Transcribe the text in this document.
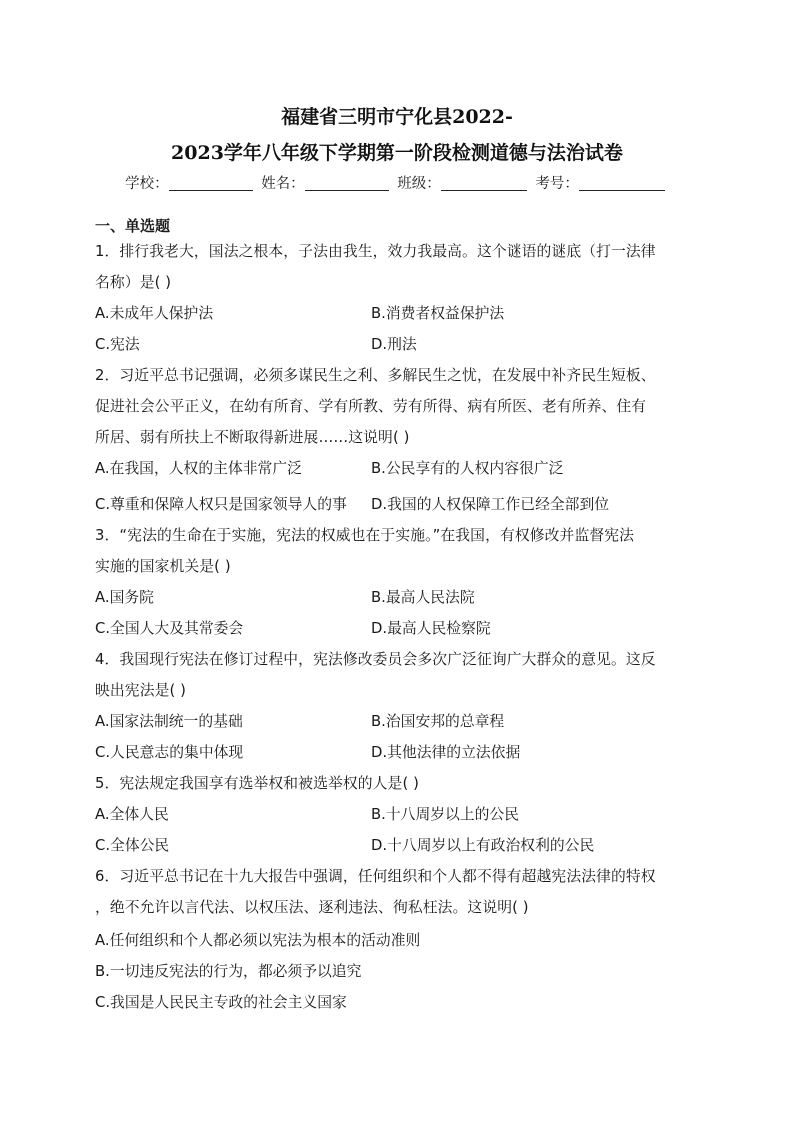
福建省三明市宁化县2022-
2023学年八年级下学期第一阶段检测道德与法治试卷
学校：	姓名：	班级：	考号：
一、单选题
1．排行我老大，国法之根本，子法由我生，效力我最高。这个谜语的谜底（打一法律
名称）是( )
A.未成年人保护法	B.消费者权益保护法
C.宪法	D.刑法
2．习近平总书记强调，必须多谋民生之利、多解民生之忧，在发展中补齐民生短板、
促进社会公平正义，在幼有所育、学有所教、劳有所得、病有所医、老有所养、住有
所居、弱有所扶上不断取得新进展……这说明( )
A.在我国，人权的主体非常广泛	B.公民享有的人权内容很广泛
C.尊重和保障人权只是国家领导人的事 D.我国的人权保障工作已经全部到位
3．“宪法的生命在于实施，宪法的权威也在于实施。”在我国，有权修改并监督宪法
实施的国家机关是( )
A.国务院	B.最高人民法院
C.全国人大及其常委会	D.最高人民检察院
4．我国现行宪法在修订过程中，宪法修改委员会多次广泛征询广大群众的意见。这反
映出宪法是( )
A.国家法制统一的基础	B.治国安邦的总章程
C.人民意志的集中体现	D.其他法律的立法依据
5．宪法规定我国享有选举权和被选举权的人是( )
A.全体人民	B.十八周岁以上的公民
C.全体公民	D.十八周岁以上有政治权利的公民
6．习近平总书记在十九大报告中强调，任何组织和个人都不得有超越宪法法律的特权
，绝不允许以言代法、以权压法、逐利违法、徇私枉法。这说明( )
A.任何组织和个人都必须以宪法为根本的活动准则
B.一切违反宪法的行为，都必须予以追究
C.我国是人民民主专政的社会主义国家
